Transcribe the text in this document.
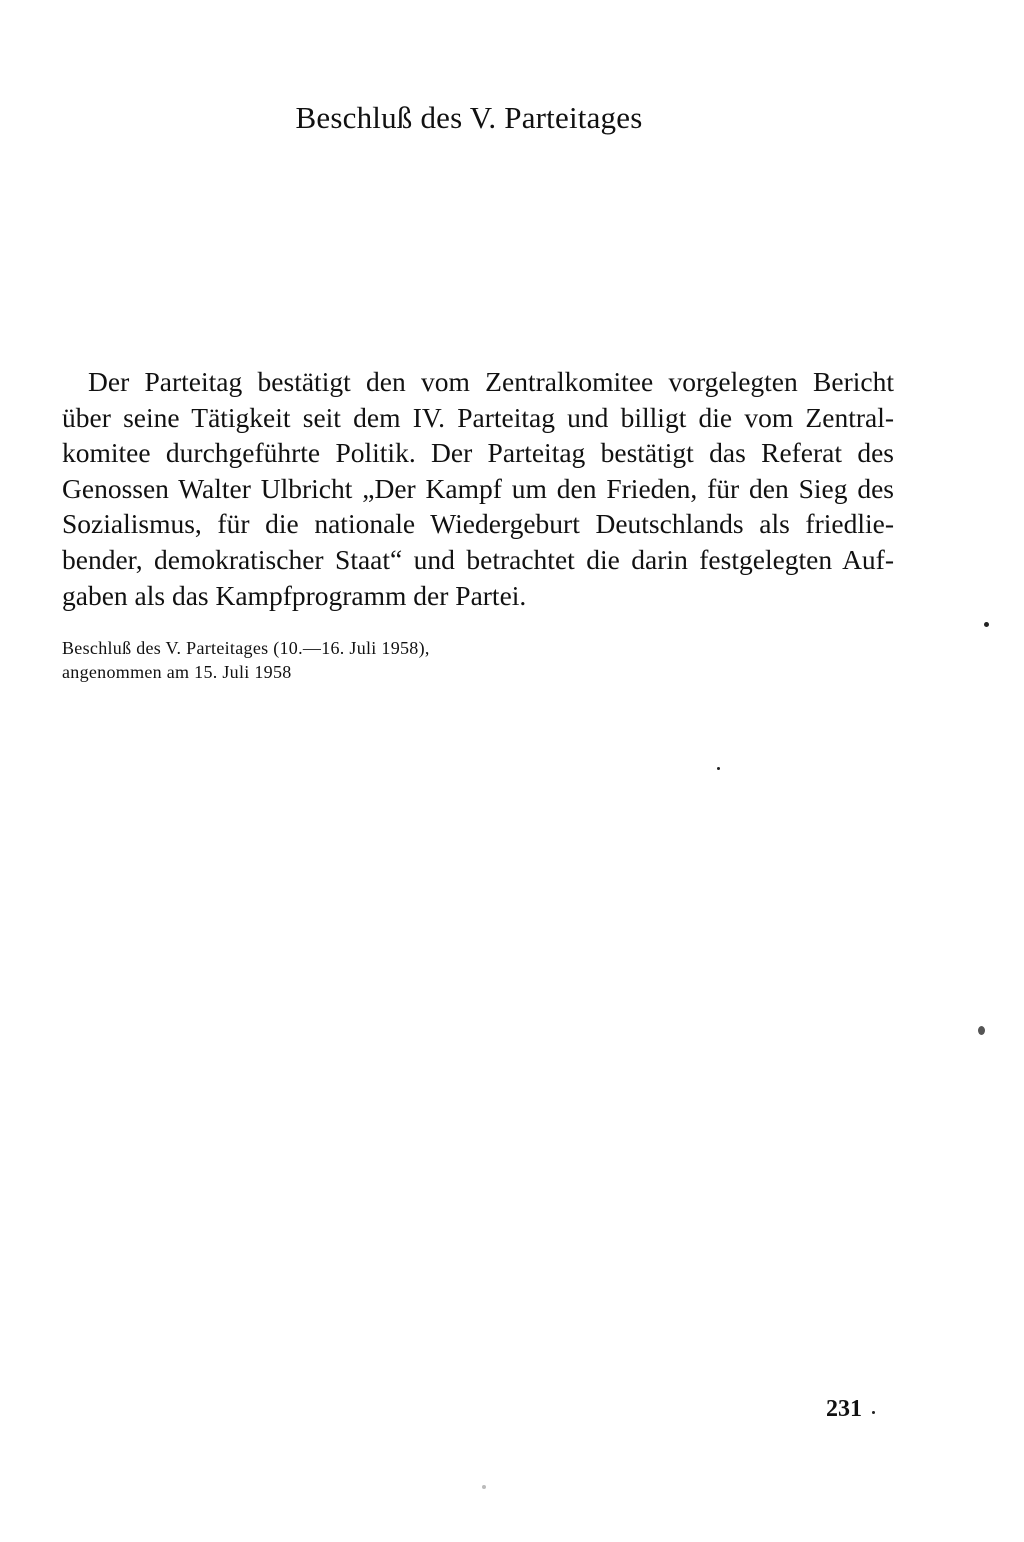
Beschluß des V. Parteitages
Der Parteitag bestätigt den vom Zentralkomitee vorgelegten Bericht
über seine Tätigkeit seit dem IV. Parteitag und billigt die vom Zentral-
komitee durchgeführte Politik. Der Parteitag bestätigt das Referat des
Genossen Walter Ulbricht „Der Kampf um den Frieden, für den Sieg des
Sozialismus, für die nationale Wiedergeburt Deutschlands als friedlie-
bender, demokratischer Staat“ und betrachtet die darin festgelegten Auf-
gaben als das Kampfprogramm der Partei.
Beschluß des V. Parteitages (10.—16. Juli 1958),
angenommen am 15. Juli 1958
231
